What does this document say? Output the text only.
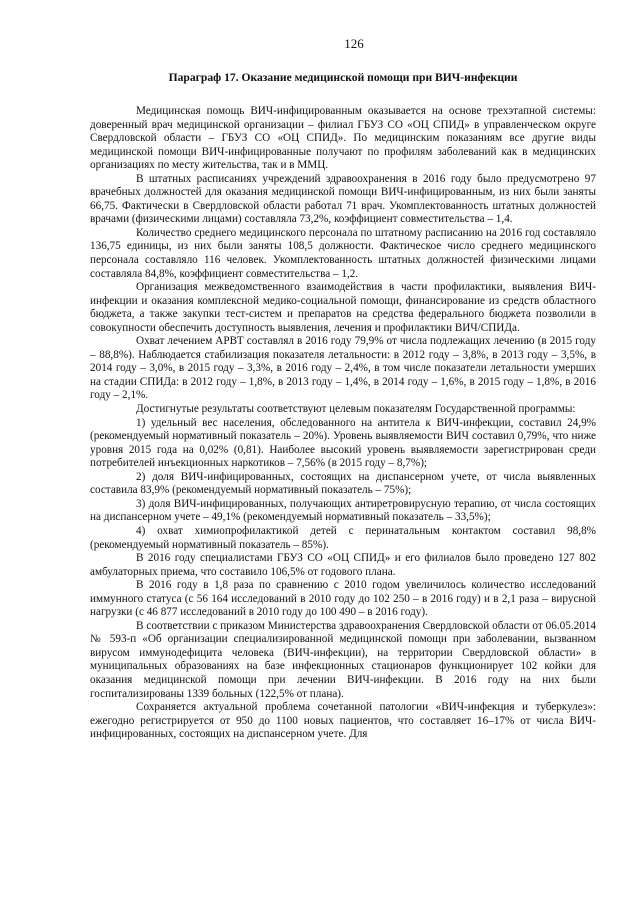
126
Параграф 17. Оказание медицинской помощи при ВИЧ-инфекции

Медицинская помощь ВИЧ-инфицированным оказывается на основе трехэтапной системы: доверенный врач медицинской организации – филиал ГБУЗ СО «ОЦ СПИД» в управленческом округе Свердловской области – ГБУЗ СО «ОЦ СПИД». По медицинским показаниям все другие виды медицинской помощи ВИЧ-инфицированные получают по профилям заболеваний как в медицинских организациях по месту жительства, так и в ММЦ.

В штатных расписаниях учреждений здравоохранения в 2016 году было предусмотрено 97 врачебных должностей для оказания медицинской помощи ВИЧ-инфицированным, из них были заняты 66,75. Фактически в Свердловской области работал 71 врач. Укомплектованность штатных должностей врачами (физическими лицами) составляла 73,2%, коэффициент совместительства – 1,4.

Количество среднего медицинского персонала по штатному расписанию на 2016 год составляло 136,75 единицы, из них были заняты 108,5 должности. Фактическое число среднего медицинского персонала составляло 116 человек. Укомплектованность штатных должностей физическими лицами составляла 84,8%, коэффициент совместительства – 1,2.

Организация межведомственного взаимодействия в части профилактики, выявления ВИЧ-инфекции и оказания комплексной медико-социальной помощи, финансирование из средств областного бюджета, а также закупки тест-систем и препаратов на средства федерального бюджета позволили в совокупности обеспечить доступность выявления, лечения и профилактики ВИЧ/СПИДа.

Охват лечением АРВТ составлял в 2016 году 79,9% от числа подлежащих лечению (в 2015 году – 88,8%). Наблюдается стабилизация показателя летальности: в 2012 году – 3,8%, в 2013 году – 3,5%, в 2014 году – 3,0%, в 2015 году – 3,3%, в 2016 году – 2,4%, в том числе показатели летальности умерших на стадии СПИДа: в 2012 году – 1,8%, в 2013 году – 1,4%, в 2014 году – 1,6%, в 2015 году – 1,8%, в 2016 году – 2,1%.

Достигнутые результаты соответствуют целевым показателям Государственной программы:

1) удельный вес населения, обследованного на антитела к ВИЧ-инфекции, составил 24,9% (рекомендуемый нормативный показатель – 20%). Уровень выявляемости ВИЧ составил 0,79%, что ниже уровня 2015 года на 0,02% (0,81). Наиболее высокий уровень выявляемости зарегистрирован среди потребителей инъекционных наркотиков – 7,56% (в 2015 году – 8,7%);

2) доля ВИЧ-инфицированных, состоящих на диспансерном учете, от числа выявленных составила 83,9% (рекомендуемый нормативный показатель – 75%);

3) доля ВИЧ-инфицированных, получающих антиретровирусную терапию, от числа состоящих на диспансерном учете – 49,1% (рекомендуемый нормативный показатель – 33,5%);

4) охват химиопрофилактикой детей с перинатальным контактом составил 98,8% (рекомендуемый нормативный показатель – 85%).

В 2016 году специалистами ГБУЗ СО «ОЦ СПИД» и его филиалов было проведено 127 802 амбулаторных приема, что составило 106,5% от годового плана.

В 2016 году в 1,8 раза по сравнению с 2010 годом увеличилось количество исследований иммунного статуса (с 56 164 исследований в 2010 году до 102 250 – в 2016 году) и в 2,1 раза – вирусной нагрузки (с 46 877 исследований в 2010 году до 100 490 – в 2016 году).

В соответствии с приказом Министерства здравоохранения Свердловской области от 06.05.2014 № 593-п «Об организации специализированной медицинской помощи при заболевании, вызванном вирусом иммунодефицита человека (ВИЧ-инфекции), на территории Свердловской области» в муниципальных образованиях на базе инфекционных стационаров функционирует 102 койки для оказания медицинской помощи при лечении ВИЧ-инфекции. В 2016 году на них были госпитализированы 1339 больных (122,5% от плана).

Сохраняется актуальной проблема сочетанной патологии «ВИЧ-инфекция и туберкулез»: ежегодно регистрируется от 950 до 1100 новых пациентов, что составляет 16–17% от числа ВИЧ-инфицированных, состоящих на диспансерном учете. Для
